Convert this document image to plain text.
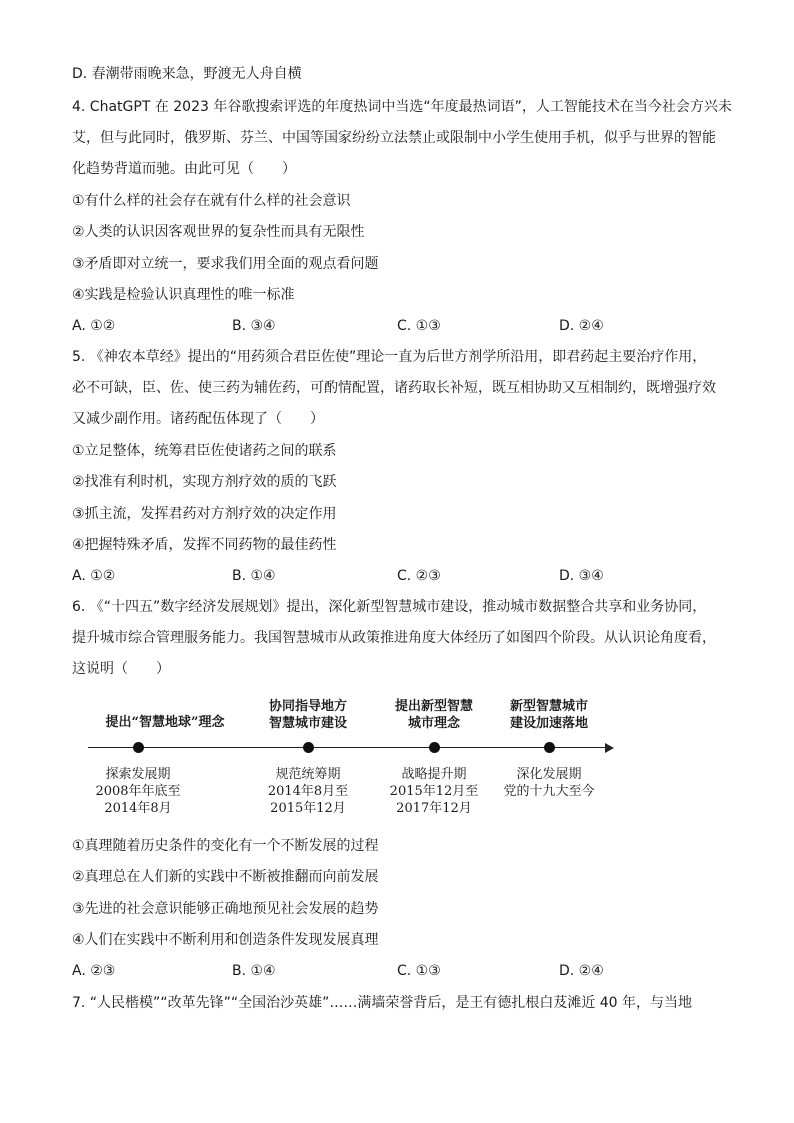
D. 春潮带雨晚来急，野渡无人舟自横
4. ChatGPT 在 2023 年谷歌搜索评选的年度热词中当选“年度最热词语”，人工智能技术在当今社会方兴未
艾，但与此同时，俄罗斯、芬兰、中国等国家纷纷立法禁止或限制中小学生使用手机，似乎与世界的智能
化趋势背道而驰。由此可见（　　）
①有什么样的社会存在就有什么样的社会意识
②人类的认识因客观世界的复杂性而具有无限性
③矛盾即对立统一，要求我们用全面的观点看问题
④实践是检验认识真理性的唯一标准
A. ①②	B. ③④	C. ①③	D. ②④
5. 《神农本草经》提出的“用药须合君臣佐使”理论一直为后世方剂学所沿用，即君药起主要治疗作用，
必不可缺，臣、佐、使三药为辅佐药，可酌情配置，诸药取长补短，既互相协助又互相制约，既增强疗效
又减少副作用。诸药配伍体现了（　　）
①立足整体，统筹君臣佐使诸药之间的联系
②找准有利时机，实现方剂疗效的质的飞跃
③抓主流，发挥君药对方剂疗效的决定作用
④把握特殊矛盾，发挥不同药物的最佳药性
A. ①②	B. ①④	C. ②③	D. ③④
6. 《“十四五”数字经济发展规划》提出，深化新型智慧城市建设，推动城市数据整合共享和业务协同，
提升城市综合管理服务能力。我国智慧城市从政策推进角度大体经历了如图四个阶段。从认识论角度看，
这说明（　　）
提出“智慧地球”理念
协同指导地方
智慧城市建设
提出新型智慧
城市理念
新型智慧城市
建设加速落地
探索发展期
2008年年底至
2014年8月
规范统筹期
2014年8月至
2015年12月
战略提升期
2015年12月至
2017年12月
深化发展期
党的十九大至今
①真理随着历史条件的变化有一个不断发展的过程
②真理总在人们新的实践中不断被推翻而向前发展
③先进的社会意识能够正确地预见社会发展的趋势
④人们在实践中不断利用和创造条件发现发展真理
A. ②③	B. ①④	C. ①③	D. ②④
7. “人民楷模”“改革先锋”“全国治沙英雄”……满墙荣誉背后，是王有德扎根白芨滩近 40 年，与当地
